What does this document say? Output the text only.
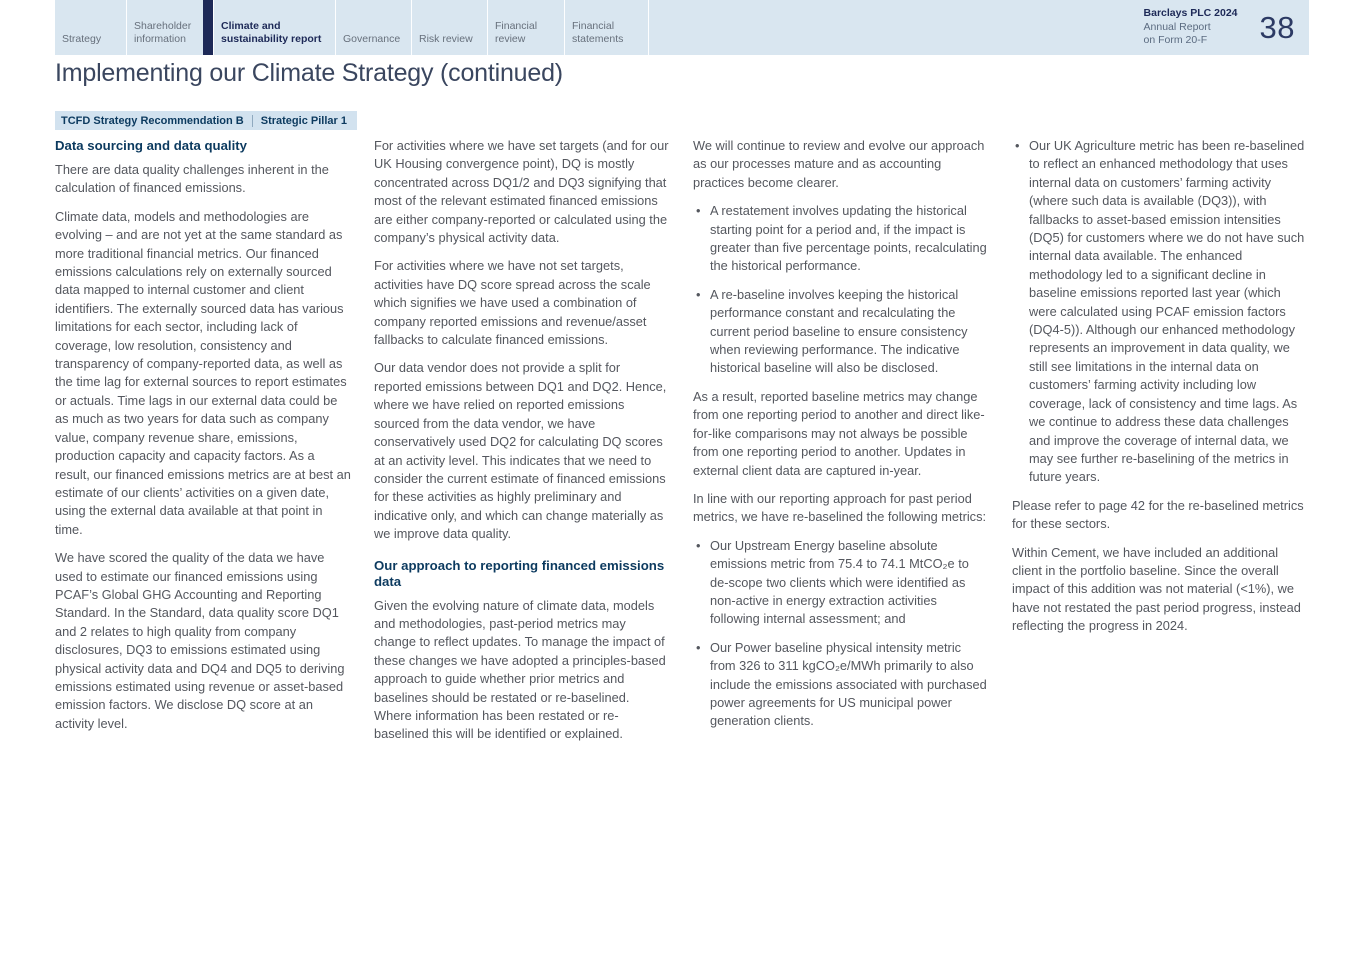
Strategy
Shareholder information
Climate and sustainability report	Governance Risk review
Financial review
Financial statements
Barclays PLC 2024
Annual Report
on Form 20-F	38
Implementing our Climate Strategy (continued)
TCFD Strategy Recommendation B Strategic Pillar 1
Data sourcing and data quality

There are data quality challenges inherent in the calculation of financed emissions.

Climate data, models and methodologies are evolving – and are not yet at the same standard as more traditional financial metrics. Our financed emissions calculations rely on externally sourced data mapped to internal customer and client identifiers. The externally sourced data has various limitations for each sector, including lack of coverage, low resolution, consistency and transparency of company-reported data, as well as the time lag for external sources to report estimates or actuals. Time lags in our external data could be as much as two years for data such as company value, company revenue share, emissions, production capacity and capacity factors. As a result, our financed emissions metrics are at best an estimate of our clients’ activities on a given date, using the external data available at that point in time.

We have scored the quality of the data we have used to estimate our financed emissions using PCAF’s Global GHG Accounting and Reporting Standard. In the Standard, data quality score DQ1 and 2 relates to high quality from company disclosures, DQ3 to emissions estimated using physical activity data and DQ4 and DQ5 to deriving emissions estimated using revenue or asset-based emission factors. We disclose DQ score at an activity level.

For activities where we have set targets (and for our UK Housing convergence point), DQ is mostly concentrated across DQ1/2 and DQ3 signifying that most of the relevant estimated financed emissions are either company-reported or calculated using the company’s physical activity data.

For activities where we have not set targets, activities have DQ score spread across the scale which signifies we have used a combination of company reported emissions and revenue/asset fallbacks to calculate financed emissions.

Our data vendor does not provide a split for reported emissions between DQ1 and DQ2. Hence, where we have relied on reported emissions sourced from the data vendor, we have conservatively used DQ2 for calculating DQ scores at an activity level. This indicates that we need to consider the current estimate of financed emissions for these activities as highly preliminary and indicative only, and which can change materially as we improve data quality.

Our approach to reporting financed emissions data

Given the evolving nature of climate data, models and methodologies, past-period metrics may change to reflect updates. To manage the impact of these changes we have adopted a principles-based approach to guide whether prior metrics and baselines should be restated or re-baselined. Where information has been restated or re-baselined this will be identified or explained.

We will continue to review and evolve our approach as our processes mature and as accounting practices become clearer.

• A restatement involves updating the historical starting point for a period and, if the impact is greater than five percentage points, recalculating the historical performance.
• A re-baseline involves keeping the historical performance constant and recalculating the current period baseline to ensure consistency when reviewing performance. The indicative historical baseline will also be disclosed.

As a result, reported baseline metrics may change from one reporting period to another and direct like-for-like comparisons may not always be possible from one reporting period to another. Updates in external client data are captured in-year.

In line with our reporting approach for past period metrics, we have re-baselined the following metrics:

• Our Upstream Energy baseline absolute emissions metric from 75.4 to 74.1 MtCO₂e to de-scope two clients which were identified as non-active in energy extraction activities following internal assessment; and
• Our Power baseline physical intensity metric from 326 to 311 kgCO₂e/MWh primarily to also include the emissions associated with purchased power agreements for US municipal power generation clients.
• Our UK Agriculture metric has been re-baselined to reflect an enhanced methodology that uses internal data on customers’ farming activity (where such data is available (DQ3)), with fallbacks to asset-based emission intensities (DQ5) for customers where we do not have such internal data available. The enhanced methodology led to a significant decline in baseline emissions reported last year (which were calculated using PCAF emission factors (DQ4-5)). Although our enhanced methodology represents an improvement in data quality, we still see limitations in the internal data on customers’ farming activity including low coverage, lack of consistency and time lags. As we continue to address these data challenges and improve the coverage of internal data, we may see further re-baselining of the metrics in future years.

Please refer to page 42 for the re-baselined metrics for these sectors.

Within Cement, we have included an additional client in the portfolio baseline. Since the overall impact of this addition was not material (<1%), we have not restated the past period progress, instead reflecting the progress in 2024.
